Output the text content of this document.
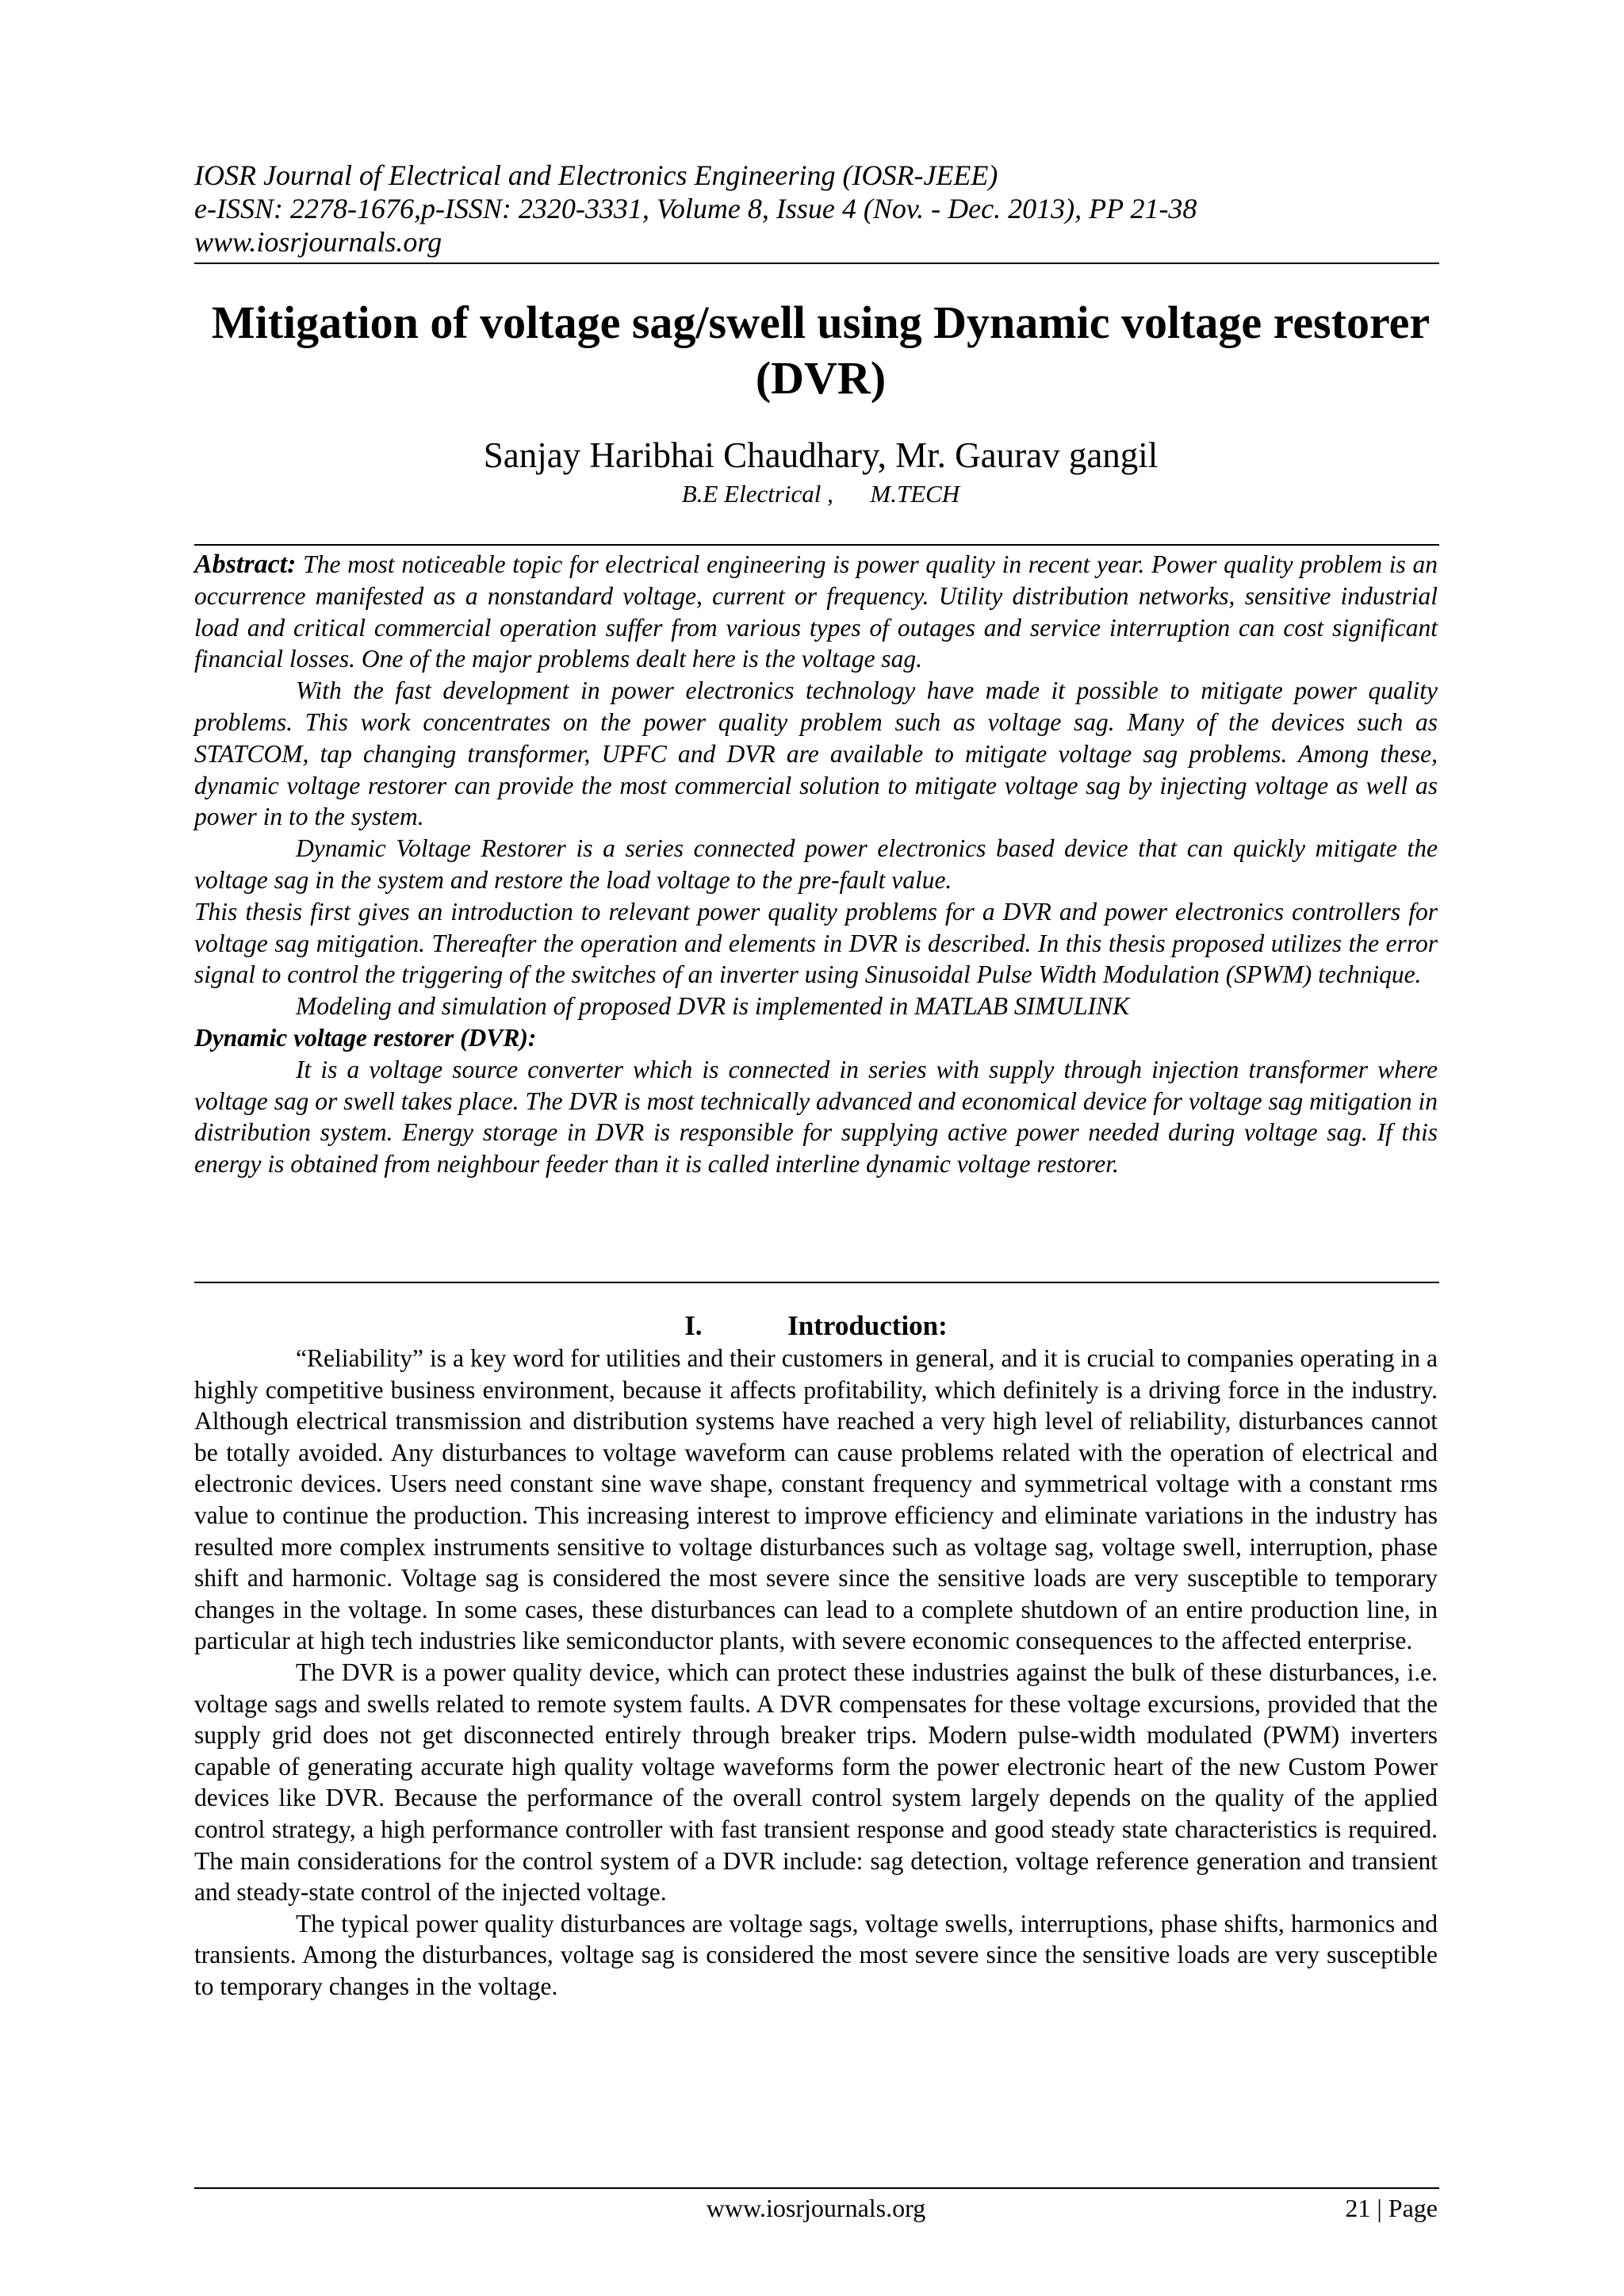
IOSR Journal of Electrical and Electronics Engineering (IOSR-JEEE)
e-ISSN: 2278-1676,p-ISSN: 2320-3331, Volume 8, Issue 4 (Nov. - Dec. 2013), PP 21-38
www.iosrjournals.org
Mitigation of voltage sag/swell using Dynamic voltage restorer
(DVR)
Sanjay Haribhai Chaudhary, Mr. Gaurav gangil
B.E Electrical ,      M.TECH

Abstract: The most noticeable topic for electrical engineering is power quality in recent year. Power quality problem is an occurrence manifested as a nonstandard voltage, current or frequency. Utility distribution networks, sensitive industrial load and critical commercial operation suffer from various types of outages and service interruption can cost significant financial losses. One of the major problems dealt here is the voltage sag.

With the fast development in power electronics technology have made it possible to mitigate power quality problems. This work concentrates on the power quality problem such as voltage sag. Many of the devices such as STATCOM, tap changing transformer, UPFC and DVR are available to mitigate voltage sag problems. Among these, dynamic voltage restorer can provide the most commercial solution to mitigate voltage sag by injecting voltage as well as power in to the system.

Dynamic Voltage Restorer is a series connected power electronics based device that can quickly mitigate the voltage sag in the system and restore the load voltage to the pre-fault value.

This thesis first gives an introduction to relevant power quality problems for a DVR and power electronics controllers for voltage sag mitigation. Thereafter the operation and elements in DVR is described. In this thesis proposed utilizes the error signal to control the triggering of the switches of an inverter using Sinusoidal Pulse Width Modulation (SPWM) technique.

Modeling and simulation of proposed DVR is implemented in MATLAB SIMULINK

Dynamic voltage restorer (DVR):

It is a voltage source converter which is connected in series with supply through injection transformer where voltage sag or swell takes place. The DVR is most technically advanced and economical device for voltage sag mitigation in distribution system. Energy storage in DVR is responsible for supplying active power needed during voltage sag. If this energy is obtained from neighbour feeder than it is called interline dynamic voltage restorer.

I.	Introduction:

“Reliability” is a key word for utilities and their customers in general, and it is crucial to companies operating in a highly competitive business environment, because it affects profitability, which definitely is a driving force in the industry. Although electrical transmission and distribution systems have reached a very high level of reliability, disturbances cannot be totally avoided. Any disturbances to voltage waveform can cause problems related with the operation of electrical and electronic devices. Users need constant sine wave shape, constant frequency and symmetrical voltage with a constant rms value to continue the production. This increasing interest to improve efficiency and eliminate variations in the industry has resulted more complex instruments sensitive to voltage disturbances such as voltage sag, voltage swell, interruption, phase shift and harmonic. Voltage sag is considered the most severe since the sensitive loads are very susceptible to temporary changes in the voltage. In some cases, these disturbances can lead to a complete shutdown of an entire production line, in particular at high tech industries like semiconductor plants, with severe economic consequences to the affected enterprise.

The DVR is a power quality device, which can protect these industries against the bulk of these disturbances, i.e. voltage sags and swells related to remote system faults. A DVR compensates for these voltage excursions, provided that the supply grid does not get disconnected entirely through breaker trips. Modern pulse-width modulated (PWM) inverters capable of generating accurate high quality voltage waveforms form the power electronic heart of the new Custom Power devices like DVR. Because the performance of the overall control system largely depends on the quality of the applied control strategy, a high performance controller with fast transient response and good steady state characteristics is required. The main considerations for the control system of a DVR include: sag detection, voltage reference generation and transient and steady-state control of the injected voltage.

The typical power quality disturbances are voltage sags, voltage swells, interruptions, phase shifts, harmonics and transients. Among the disturbances, voltage sag is considered the most severe since the sensitive loads are very susceptible to temporary changes in the voltage.

www.iosrjournals.org	21 | Page
